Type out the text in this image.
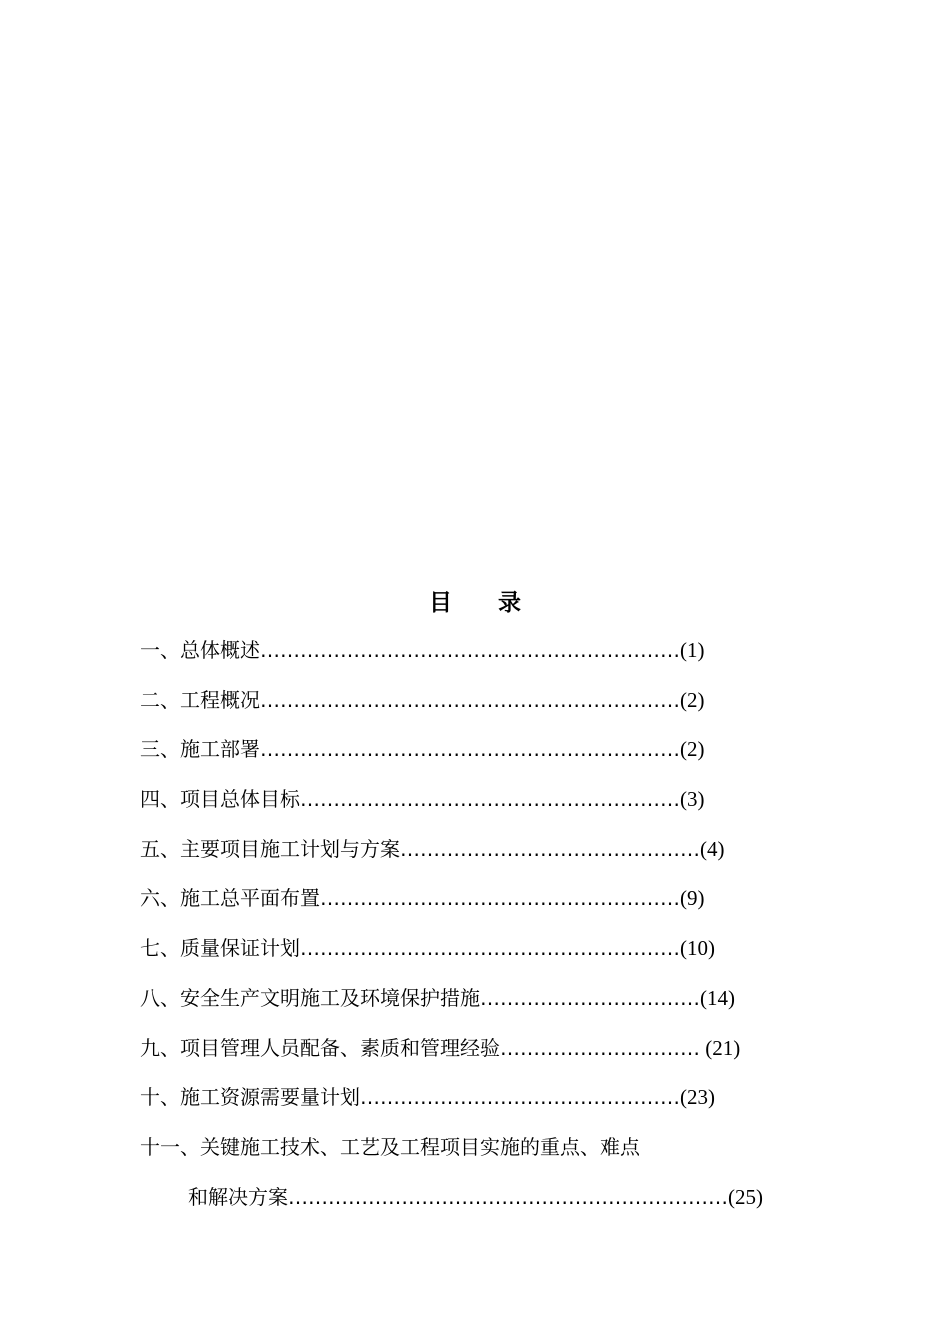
目 录
一、总体概述………………………………………………………(1)
二、工程概况………………………………………………………(2)
三、施工部署………………………………………………………(2)
四、项目总体目标…………………………………………………(3)
五、主要项目施工计划与方案………………………………………(4)
六、施工总平面布置………………………………………………(9)
七、质量保证计划…………………………………………………(10)
八、安全生产文明施工及环境保护措施……………………………(14)
九、项目管理人员配备、素质和管理经验………………………… (21)
十、施工资源需要量计划…………………………………………(23)
十一、关键施工技术、工艺及工程项目实施的重点、难点
和解决方案…………………………………………………………(25)
